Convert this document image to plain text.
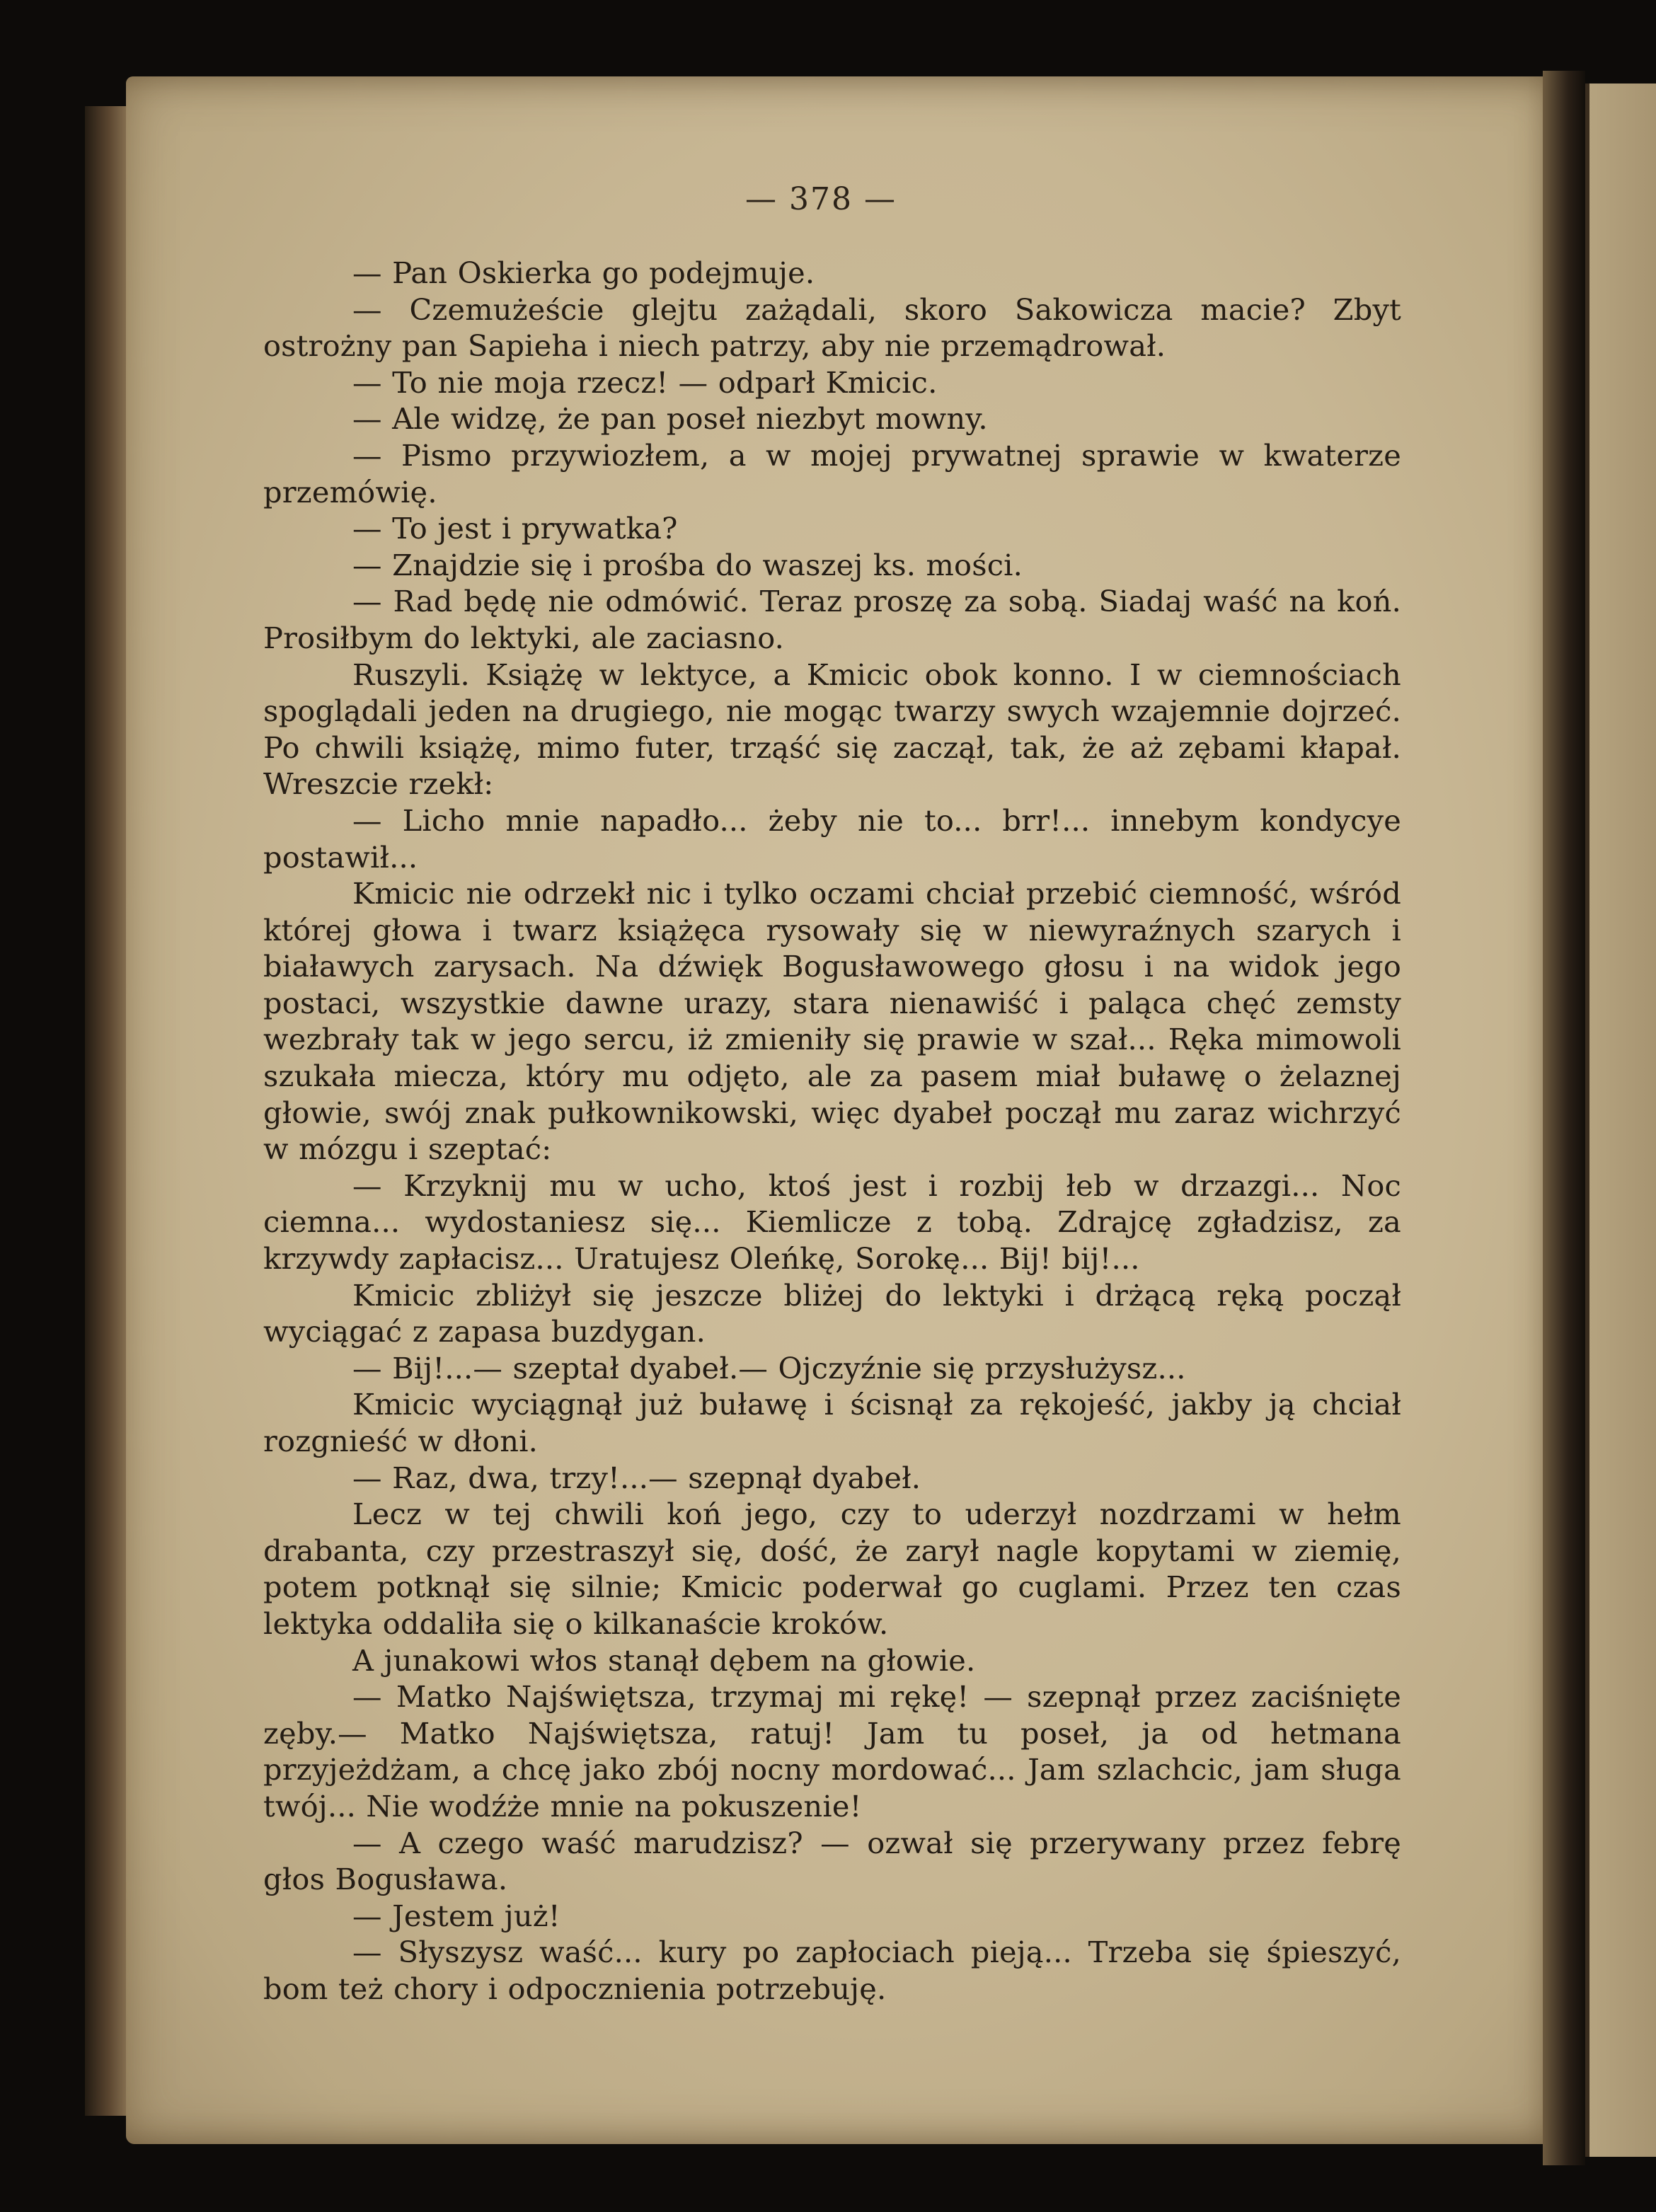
— 378 —

— Pan Oskierka go podejmuje.

— Czemużeście glejtu zażądali, skoro Sakowicza macie? Zbyt ostrożny pan Sapieha i niech patrzy, aby nie przemądrował.

— To nie moja rzecz! — odparł Kmicic.

— Ale widzę, że pan poseł niezbyt mowny.

— Pismo przywiozłem, a w mojej prywatnej sprawie w kwaterze przemówię.

— To jest i prywatka?

— Znajdzie się i prośba do waszej ks. mości.

— Rad będę nie odmówić. Teraz proszę za sobą. Siadaj waść na koń. Prosiłbym do lektyki, ale zaciasno.

Ruszyli. Książę w lektyce, a Kmicic obok konno. I w ciemnościach spoglądali jeden na drugiego, nie mogąc twarzy swych wzajemnie dojrzeć. Po chwili książę, mimo futer, trząść się zaczął, tak, że aż zębami kłapał. Wreszcie rzekł:

— Licho mnie napadło... żeby nie to... brr!... innebym kondycye postawił...

Kmicic nie odrzekł nic i tylko oczami chciał przebić ciemność, wśród której głowa i twarz książęca rysowały się w niewyraźnych szarych i białawych zarysach. Na dźwięk Bogusławowego głosu i na widok jego postaci, wszystkie dawne urazy, stara nienawiść i paląca chęć zemsty wezbrały tak w jego sercu, iż zmieniły się prawie w szał... Ręka mimowoli szukała miecza, który mu odjęto, ale za pasem miał buławę o żelaznej głowie, swój znak pułkownikowski, więc dyabeł począł mu zaraz wichrzyć w mózgu i szeptać:

— Krzyknij mu w ucho, ktoś jest i rozbij łeb w drzazgi... Noc ciemna... wydostaniesz się... Kiemlicze z tobą. Zdrajcę zgładzisz, za krzywdy zapłacisz... Uratujesz Oleńkę, Sorokę... Bij! bij!...

Kmicic zbliżył się jeszcze bliżej do lektyki i drżącą ręką począł wyciągać z zapasa buzdygan.

— Bij!...— szeptał dyabeł.— Ojczyźnie się przysłużysz...

Kmicic wyciągnął już buławę i ścisnął za rękojeść, jakby ją chciał rozgnieść w dłoni.

— Raz, dwa, trzy!...— szepnął dyabeł.

Lecz w tej chwili koń jego, czy to uderzył nozdrzami w hełm drabanta, czy przestraszył się, dość, że zarył nagle kopytami w ziemię, potem potknął się silnie; Kmicic poderwał go cuglami. Przez ten czas lektyka oddaliła się o kilkanaście kroków.

A junakowi włos stanął dębem na głowie.

— Matko Najświętsza, trzymaj mi rękę! — szepnął przez zaciśnięte zęby.— Matko Najświętsza, ratuj! Jam tu poseł, ja od hetmana przyjeżdżam, a chcę jako zbój nocny mordować... Jam szlachcic, jam sługa twój... Nie wodźże mnie na pokuszenie!

— A czego waść marudzisz? — ozwał się przerywany przez febrę głos Bogusława.

— Jestem już!

— Słyszysz waść... kury po zapłociach pieją... Trzeba się śpieszyć, bom też chory i odpocznienia potrzebuję.
